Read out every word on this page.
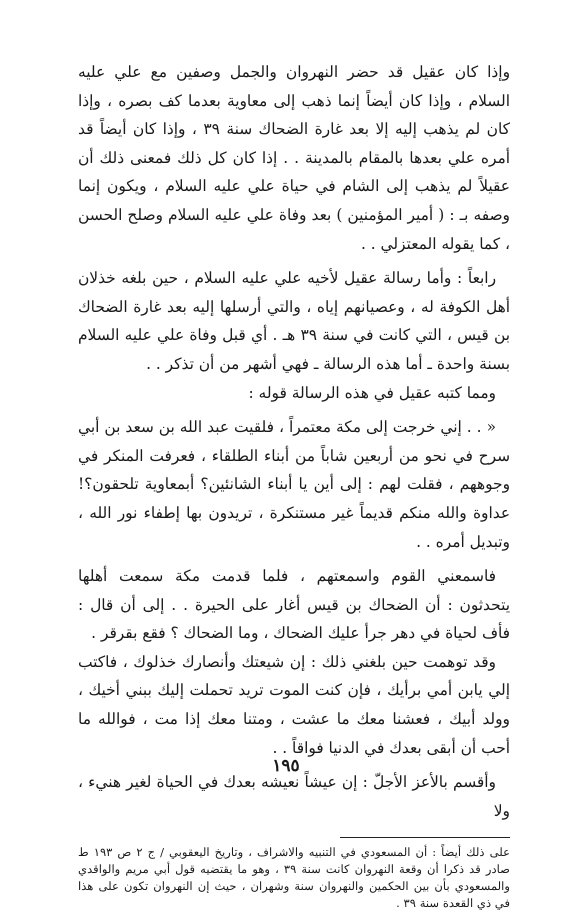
وإذا كان عقيل قد حضر النهروان والجمل وصفين مع علي عليه السلام ، وإذا كان أيضاً إنما ذهب إلى معاوية بعدما كف بصره ، وإذا كان لم يذهب إليه إلا بعد غارة الضحاك سنة ٣٩ ، وإذا كان أيضاً قد أمره علي بعدها بالمقام بالمدينة . . إذا كان كل ذلك فمعنى ذلك أن عقيلاً لم يذهب إلى الشام في حياة علي عليه السلام ، ويكون إنما وصفه بـ : ( أمير المؤمنين ) بعد وفاة علي عليه السلام وصلح الحسن ، كما يقوله المعتزلي . .

رابعاً : وأما رسالة عقيل لأخيه علي عليه السلام ، حين بلغه خذلان أهل الكوفة له ، وعصيانهم إياه ، والتي أرسلها إليه بعد غارة الضحاك بن قيس ، التي كانت في سنة ٣٩ هـ . أي قبل وفاة علي عليه السلام بسنة واحدة ـ أما هذه الرسالة ـ فهي أشهر من أن تذكر . .

ومما كتبه عقيل في هذه الرسالة قوله :

« . . إني خرجت إلى مكة معتمراً ، فلقيت عبد الله بن سعد بن أبي سرح في نحو من أربعين شاباً من أبناء الطلقاء ، فعرفت المنكر في وجوههم ، فقلت لهم : إلى أين يا أبناء الشانئين؟ أبمعاوية تلحقون؟! عداوة والله منكم قديماً غير مستنكرة ، تريدون بها إطفاء نور الله ، وتبديل أمره . .

فاسمعني القوم واسمعتهم ، فلما قدمت مكة سمعت أهلها يتحدثون : أن الضحاك بن قيس أغار على الحيرة . . إلى أن قال : فأف لحياة في دهر جرأ عليك الضحاك ، وما الضحاك ؟ فقع بقرقر .

وقد توهمت حين بلغني ذلك : إن شيعتك وأنصارك خذلوك ، فاكتب إلي يابن أمي برأيك ، فإن كنت الموت تريد تحملت إليك ببني أخيك ، وولد أبيك ، فعشنا معك ما عشت ، ومتنا معك إذا مت ، فوالله ما أحب أن أبقى بعدك في الدنيا فواقاً . .

وأقسم بالأعز الأجلّ : إن عيشاً نعيشه بعدك في الحياة لغير هنيء ، ولا

على ذلك أيضاً : أن المسعودي في التنبيه والاشراف ، وتاريخ اليعقوبي / ج ٢ ص ١٩٣ ط صادر قد ذكرا أن وقعة النهروان كانت سنة ٣٩ ، وهو ما يقتضيه قول أبي مريم والواقدي والمسعودي بأن بين الحكمين والنهروان سنة وشهران ، حيث إن النهروان تكون على هذا في ذي القعدة سنة ٣٩ .

١٩٥
